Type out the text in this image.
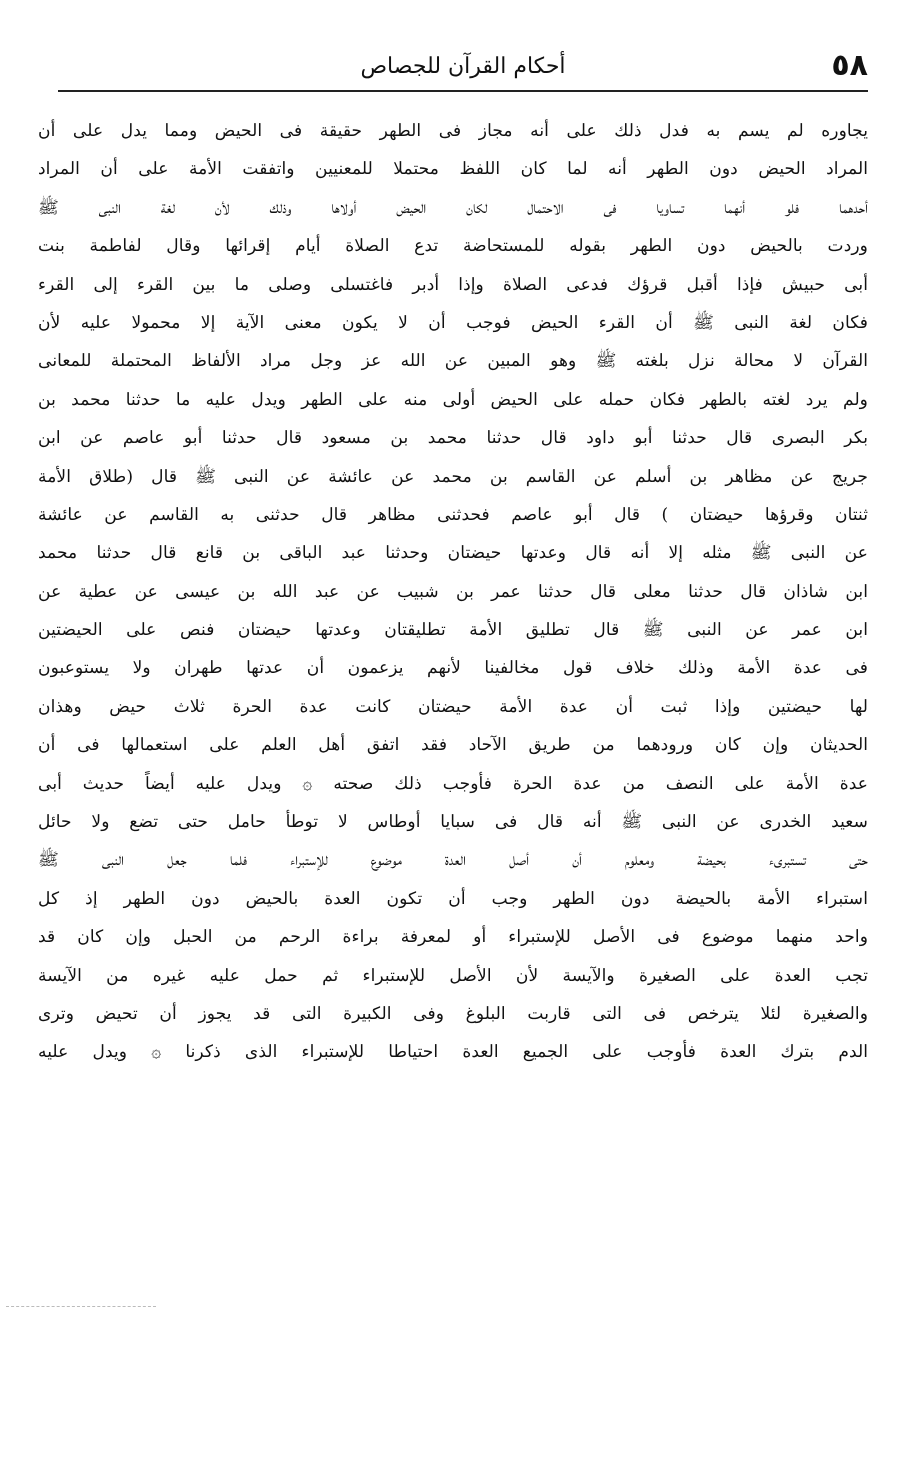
٥٨
أحكام القرآن للجصاص
يجاوره لم يسم به فدل ذلك على أنه مجاز فى الطهر حقيقة فى الحيض ومما يدل على أن
المراد الحيض دون الطهر أنه لما كان اللفظ محتملا للمعنيين واتفقت الأمة على أن المراد
أحدهما فلو أنهما تساويا فى الاحتمال لكان الحيض أولاها وذلك لأن لغة النبى ﷺ
وردت بالحيض دون الطهر بقوله للمستحاضة تدع الصلاة أيام إقرائها وقال لفاطمة بنت
أبى حبيش فإذا أقبل قرؤك فدعى الصلاة وإذا أدبر فاغتسلى وصلى ما بين القرء إلى القرء
فكان لغة النبى ﷺ أن القرء الحيض فوجب أن لا يكون معنى الآية إلا محمولا عليه لأن
القرآن لا محالة نزل بلغته ﷺ وهو المبين عن الله عز وجل مراد الألفاظ المحتملة للمعانى
ولم يرد لغته بالطهر فكان حمله على الحيض أولى منه على الطهر ويدل عليه ما حدثنا محمد بن
بكر البصرى قال حدثنا أبو داود قال حدثنا محمد بن مسعود قال حدثنا أبو عاصم عن ابن
جريج عن مظاهر بن أسلم عن القاسم بن محمد عن عائشة عن النبى ﷺ قال (طلاق الأمة
ثنتان وقرؤها حيضتان ) قال أبو عاصم فحدثنى مظاهر قال حدثنى به القاسم عن عائشة
عن النبى ﷺ مثله إلا أنه قال وعدتها حيضتان وحدثنا عبد الباقى بن قانع قال حدثنا محمد
ابن شاذان قال حدثنا معلى قال حدثنا عمر بن شبيب عن عبد الله بن عيسى عن عطية عن
ابن عمر عن النبى ﷺ قال تطليق الأمة تطليقتان وعدتها حيضتان فنص على الحيضتين
فى عدة الأمة وذلك خلاف قول مخالفينا لأنهم يزعمون أن عدتها طهران ولا يستوعبون
لها حيضتين وإذا ثبت أن عدة الأمة حيضتان كانت عدة الحرة ثلاث حيض وهذان
الحديثان وإن كان ورودهما من طريق الآحاد فقد اتفق أهل العلم على استعمالها فى أن
عدة الأمة على النصف من عدة الحرة فأوجب ذلك صحته ۞ ويدل عليه أيضاً حديث أبى
سعيد الخدرى عن النبى ﷺ أنه قال فى سبايا أوطاس لا توطأ حامل حتى تضع ولا حائل
حتى تستبرىء بحيضة ومعلوم أن أصل العدة موضوع للإستبراء فلما جعل النبى ﷺ
استبراء الأمة بالحيضة دون الطهر وجب أن تكون العدة بالحيض دون الطهر إذ كل
واحد منهما موضوع فى الأصل للإستبراء أو لمعرفة براءة الرحم من الحبل وإن كان قد
تجب العدة على الصغيرة والآيسة لأن الأصل للإستبراء ثم حمل عليه غيره من الآيسة
والصغيرة لئلا يترخص فى التى قاربت البلوغ وفى الكبيرة التى قد يجوز أن تحيض وترى
الدم بترك العدة فأوجب على الجميع العدة احتياطا للإستبراء الذى ذكرنا ۞ ويدل عليه
